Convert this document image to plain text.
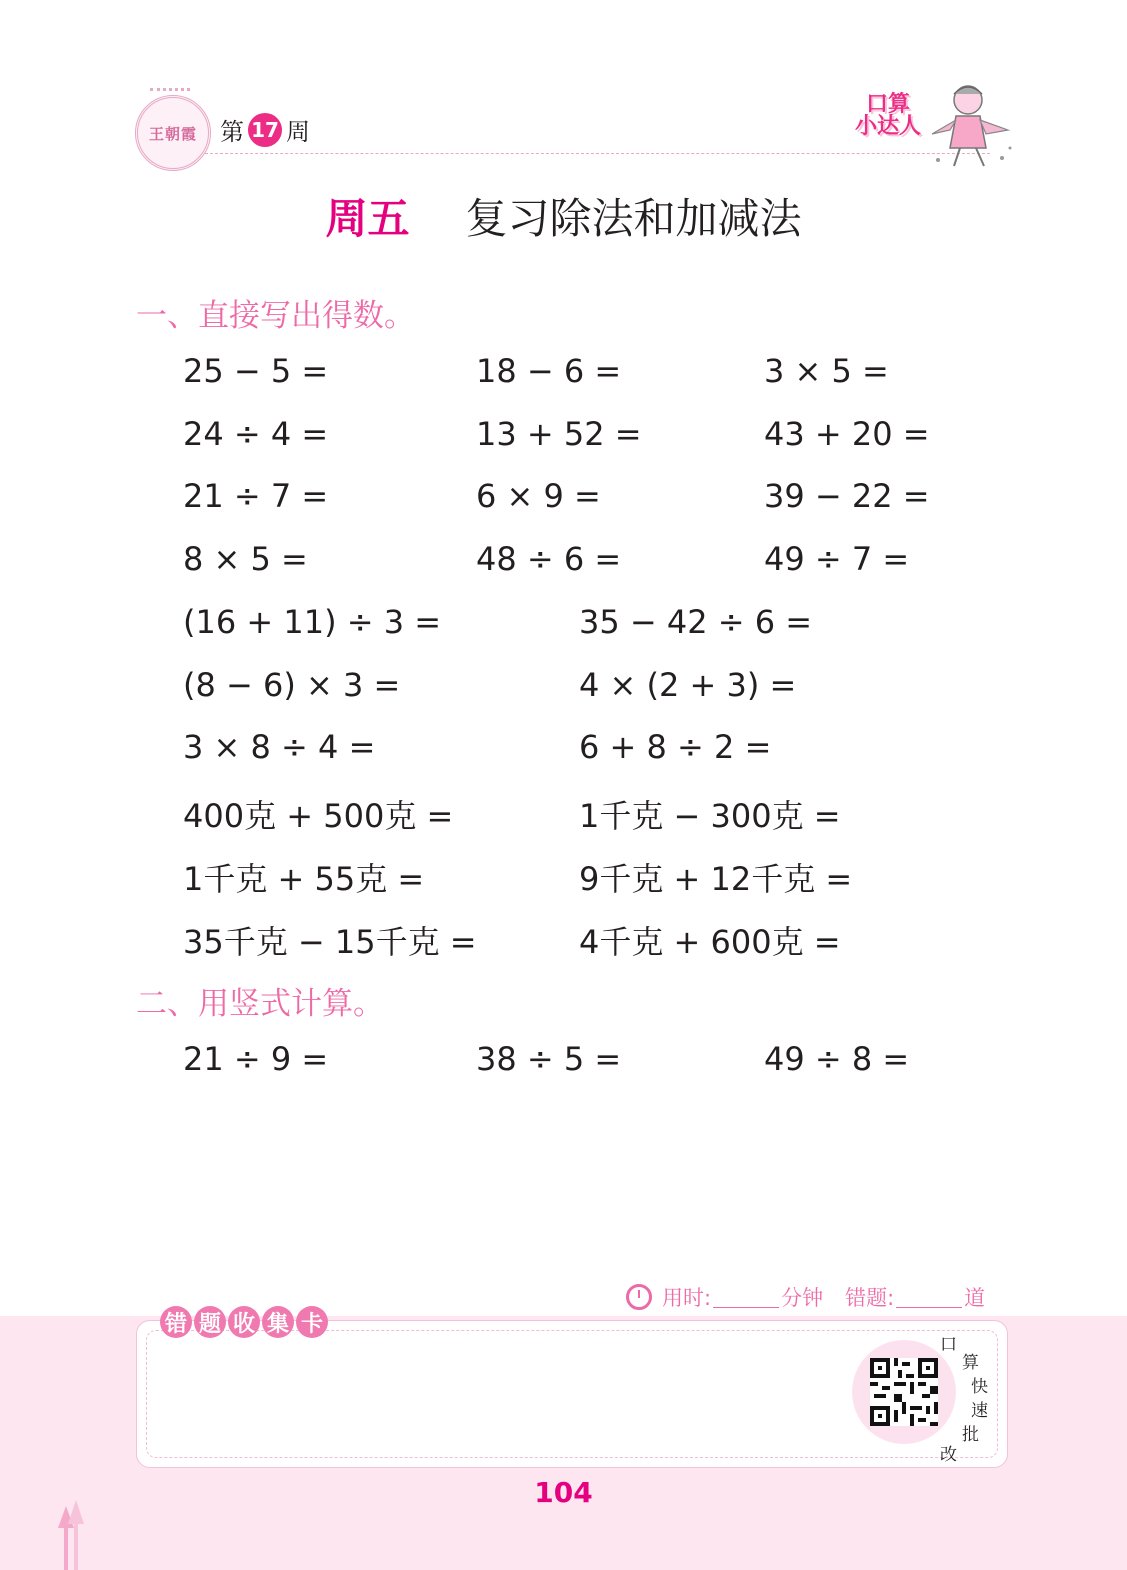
王朝霞 第 17 周
口算
小达人
周五 复习除法和加减法
一、直接写出得数。
25 − 5 =	18 − 6 =	3 × 5 =
24 ÷ 4 =	13 + 52 =	43 + 20 =
21 ÷ 7 =	6 × 9 =	39 − 22 =
8 × 5 =	48 ÷ 6 =	49 ÷ 7 =
(16 + 11) ÷ 3 =	35 − 42 ÷ 6 =
(8 − 6) × 3 =	4 × (2 + 3) =
3 × 8 ÷ 4 =	6 + 8 ÷ 2 =
400克 + 500克 =	1千克 − 300克 =
1千克 + 55克 =	9千克 + 12千克 =
35千克 − 15千克 =	4千克 + 600克 =
二、用竖式计算。
21 ÷ 9 =	38 ÷ 5 =	49 ÷ 8 =
用时:	分钟 错题:	道
错 题 收 集 卡
口
算
快
速
批
改
104
